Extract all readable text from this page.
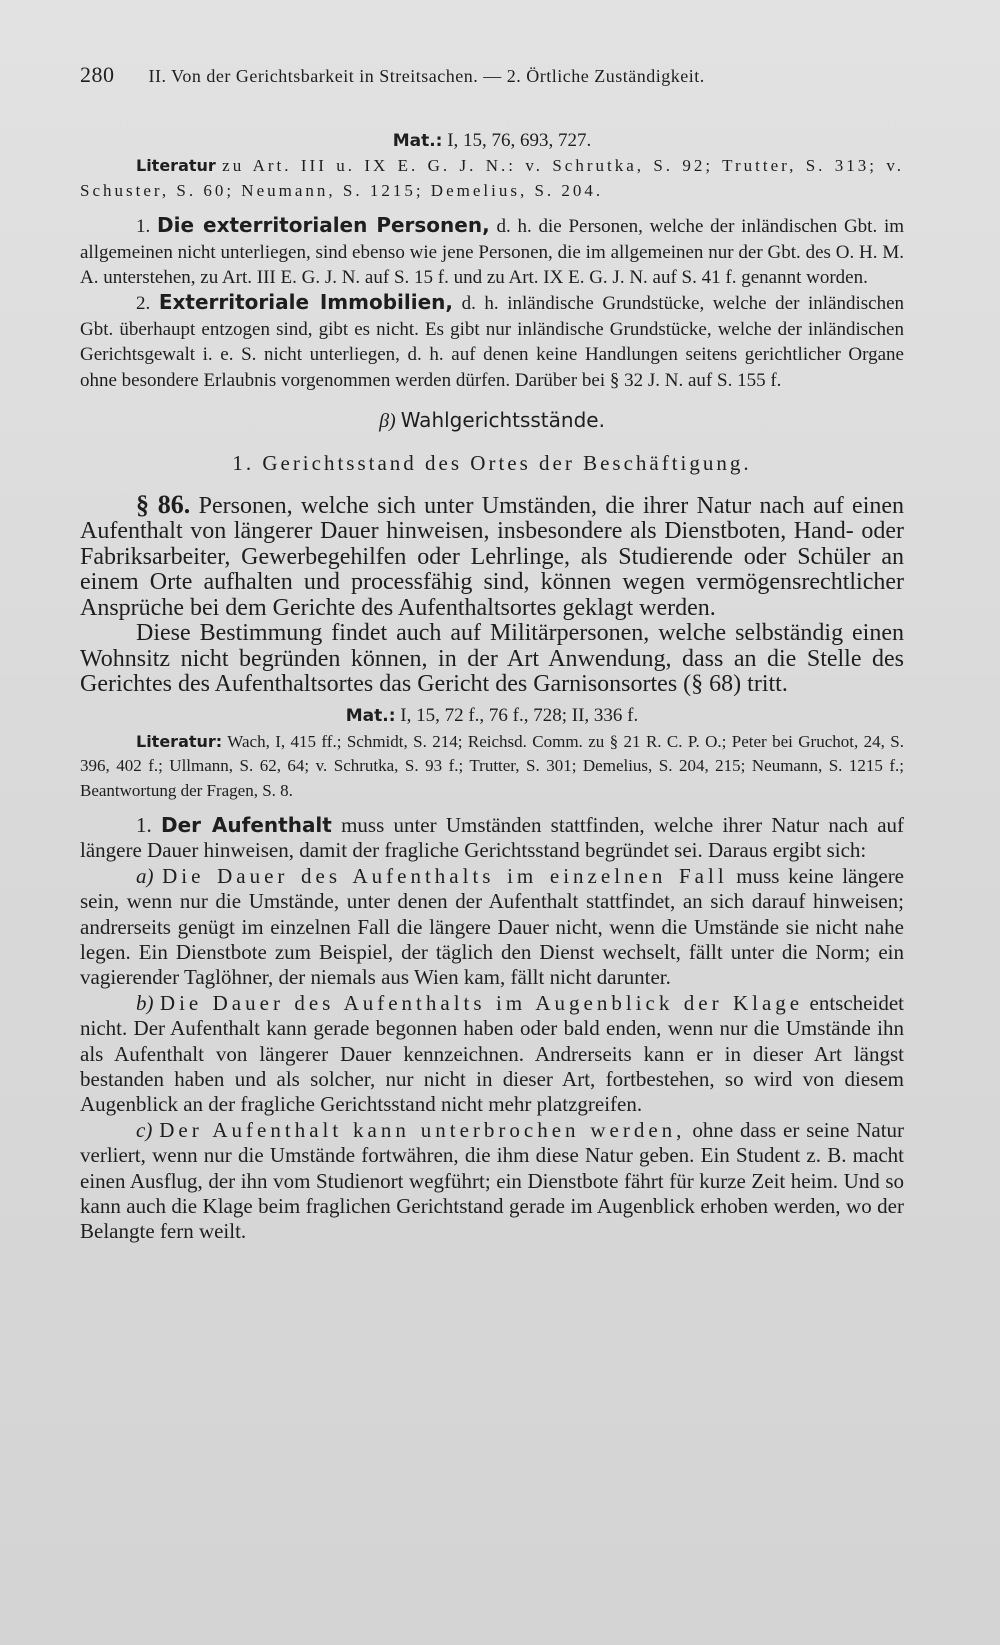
280 II. Von der Gerichtsbarkeit in Streitsachen. — 2. Örtliche Zuständigkeit.
Mat.: I, 15, 76, 693, 727.

Literatur zu Art. III u. IX E. G. J. N.: v. Schrutka, S. 92; Trutter, S. 313; v. Schuster, S. 60; Neumann, S. 1215; Demelius, S. 204.

1. Die exterritorialen Personen, d. h. die Personen, welche der inländischen Gbt. im allgemeinen nicht unterliegen, sind ebenso wie jene Personen, die im allgemeinen nur der Gbt. des O. H. M. A. unterstehen, zu Art. III E. G. J. N. auf S. 15 f. und zu Art. IX E. G. J. N. auf S. 41 f. genannt worden.

2. Exterritoriale Immobilien, d. h. inländische Grundstücke, welche der inländischen Gbt. überhaupt entzogen sind, gibt es nicht. Es gibt nur inländische Grundstücke, welche der inländischen Gerichtsgewalt i. e. S. nicht unterliegen, d. h. auf denen keine Handlungen seitens gerichtlicher Organe ohne besondere Erlaubnis vorgenommen werden dürfen. Darüber bei § 32 J. N. auf S. 155 f.

β) Wahlgerichtsstände.
1. Gerichtsstand des Ortes der Beschäftigung.

§ 86. Personen, welche sich unter Umständen, die ihrer Natur nach auf einen Aufenthalt von längerer Dauer hinweisen, insbesondere als Dienstboten, Hand- oder Fabriksarbeiter, Gewerbegehilfen oder Lehrlinge, als Studierende oder Schüler an einem Orte aufhalten und processfähig sind, können wegen vermögensrechtlicher Ansprüche bei dem Gerichte des Aufenthaltsortes geklagt werden.

Diese Bestimmung findet auch auf Militärpersonen, welche selbständig einen Wohnsitz nicht begründen können, in der Art Anwendung, dass an die Stelle des Gerichtes des Aufenthaltsortes das Gericht des Garnisonsortes (§ 68) tritt.

Mat.: I, 15, 72 f., 76 f., 728; II, 336 f.

Literatur: Wach, I, 415 ff.; Schmidt, S. 214; Reichsd. Comm. zu § 21 R. C. P. O.; Peter bei Gruchot, 24, S. 396, 402 f.; Ullmann, S. 62, 64; v. Schrutka, S. 93 f.; Trutter, S. 301; Demelius, S. 204, 215; Neumann, S. 1215 f.; Beantwortung der Fragen, S. 8.

1. Der Aufenthalt muss unter Umständen stattfinden, welche ihrer Natur nach auf längere Dauer hinweisen, damit der fragliche Gerichtsstand begründet sei. Daraus ergibt sich:

a) Die Dauer des Aufenthalts im einzelnen Fall muss keine längere sein, wenn nur die Umstände, unter denen der Aufenthalt stattfindet, an sich darauf hinweisen; andrerseits genügt im einzelnen Fall die längere Dauer nicht, wenn die Umstände sie nicht nahe legen. Ein Dienstbote zum Beispiel, der täglich den Dienst wechselt, fällt unter die Norm; ein vagierender Taglöhner, der niemals aus Wien kam, fällt nicht darunter.

b) Die Dauer des Aufenthalts im Augenblick der Klage entscheidet nicht. Der Aufenthalt kann gerade begonnen haben oder bald enden, wenn nur die Umstände ihn als Aufenthalt von längerer Dauer kennzeichnen. Andrerseits kann er in dieser Art längst bestanden haben und als solcher, nur nicht in dieser Art, fortbestehen, so wird von diesem Augenblick an der fragliche Gerichtsstand nicht mehr platzgreifen.

c) Der Aufenthalt kann unterbrochen werden, ohne dass er seine Natur verliert, wenn nur die Umstände fortwähren, die ihm diese Natur geben. Ein Student z. B. macht einen Ausflug, der ihn vom Studienort wegführt; ein Dienstbote fährt für kurze Zeit heim. Und so kann auch die Klage beim fraglichen Gerichtstand gerade im Augenblick erhoben werden, wo der Belangte fern weilt.
